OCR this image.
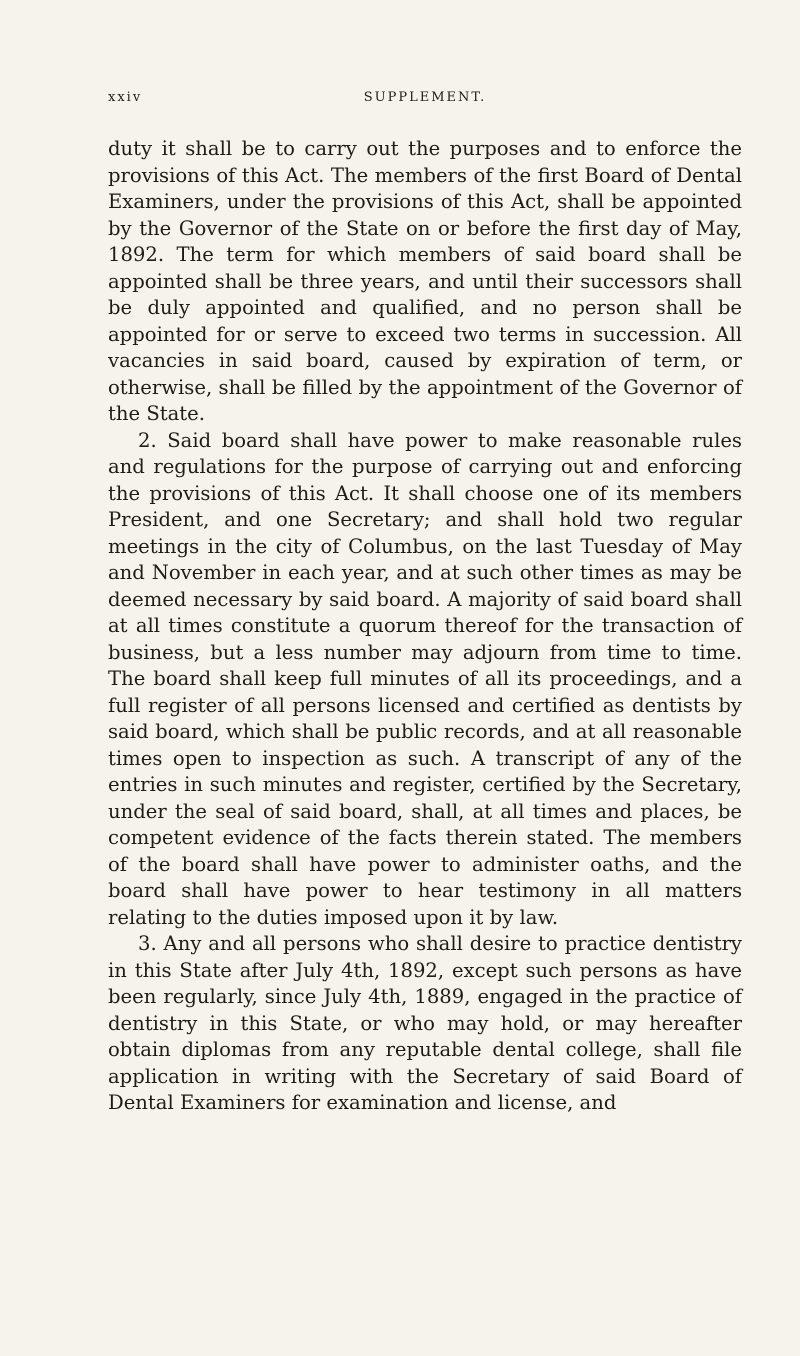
xxiv	SUPPLEMENT.

duty it shall be to carry out the purposes and to enforce the provisions of this Act. The members of the first Board of Dental Examiners, under the provisions of this Act, shall be appointed by the Governor of the State on or before the first day of May, 1892. The term for which members of said board shall be appointed shall be three years, and until their successors shall be duly appointed and qualified, and no person shall be appointed for or serve to exceed two terms in succession. All vacancies in said board, caused by expiration of term, or otherwise, shall be filled by the appointment of the Governor of the State.

2. Said board shall have power to make reasonable rules and regulations for the purpose of carrying out and enforcing the provisions of this Act. It shall choose one of its members President, and one Secretary; and shall hold two regular meetings in the city of Columbus, on the last Tuesday of May and November in each year, and at such other times as may be deemed necessary by said board. A majority of said board shall at all times constitute a quorum thereof for the transaction of business, but a less number may adjourn from time to time. The board shall keep full minutes of all its proceedings, and a full register of all persons licensed and certified as dentists by said board, which shall be public records, and at all reasonable times open to inspection as such. A transcript of any of the entries in such minutes and register, certified by the Secretary, under the seal of said board, shall, at all times and places, be competent evidence of the facts therein stated. The members of the board shall have power to administer oaths, and the board shall have power to hear testimony in all matters relating to the duties imposed upon it by law.

3. Any and all persons who shall desire to practice dentistry in this State after July 4th, 1892, except such persons as have been regularly, since July 4th, 1889, engaged in the practice of dentistry in this State, or who may hold, or may hereafter obtain diplomas from any reputable dental college, shall file application in writing with the Secretary of said Board of Dental Examiners for examination and license, and
